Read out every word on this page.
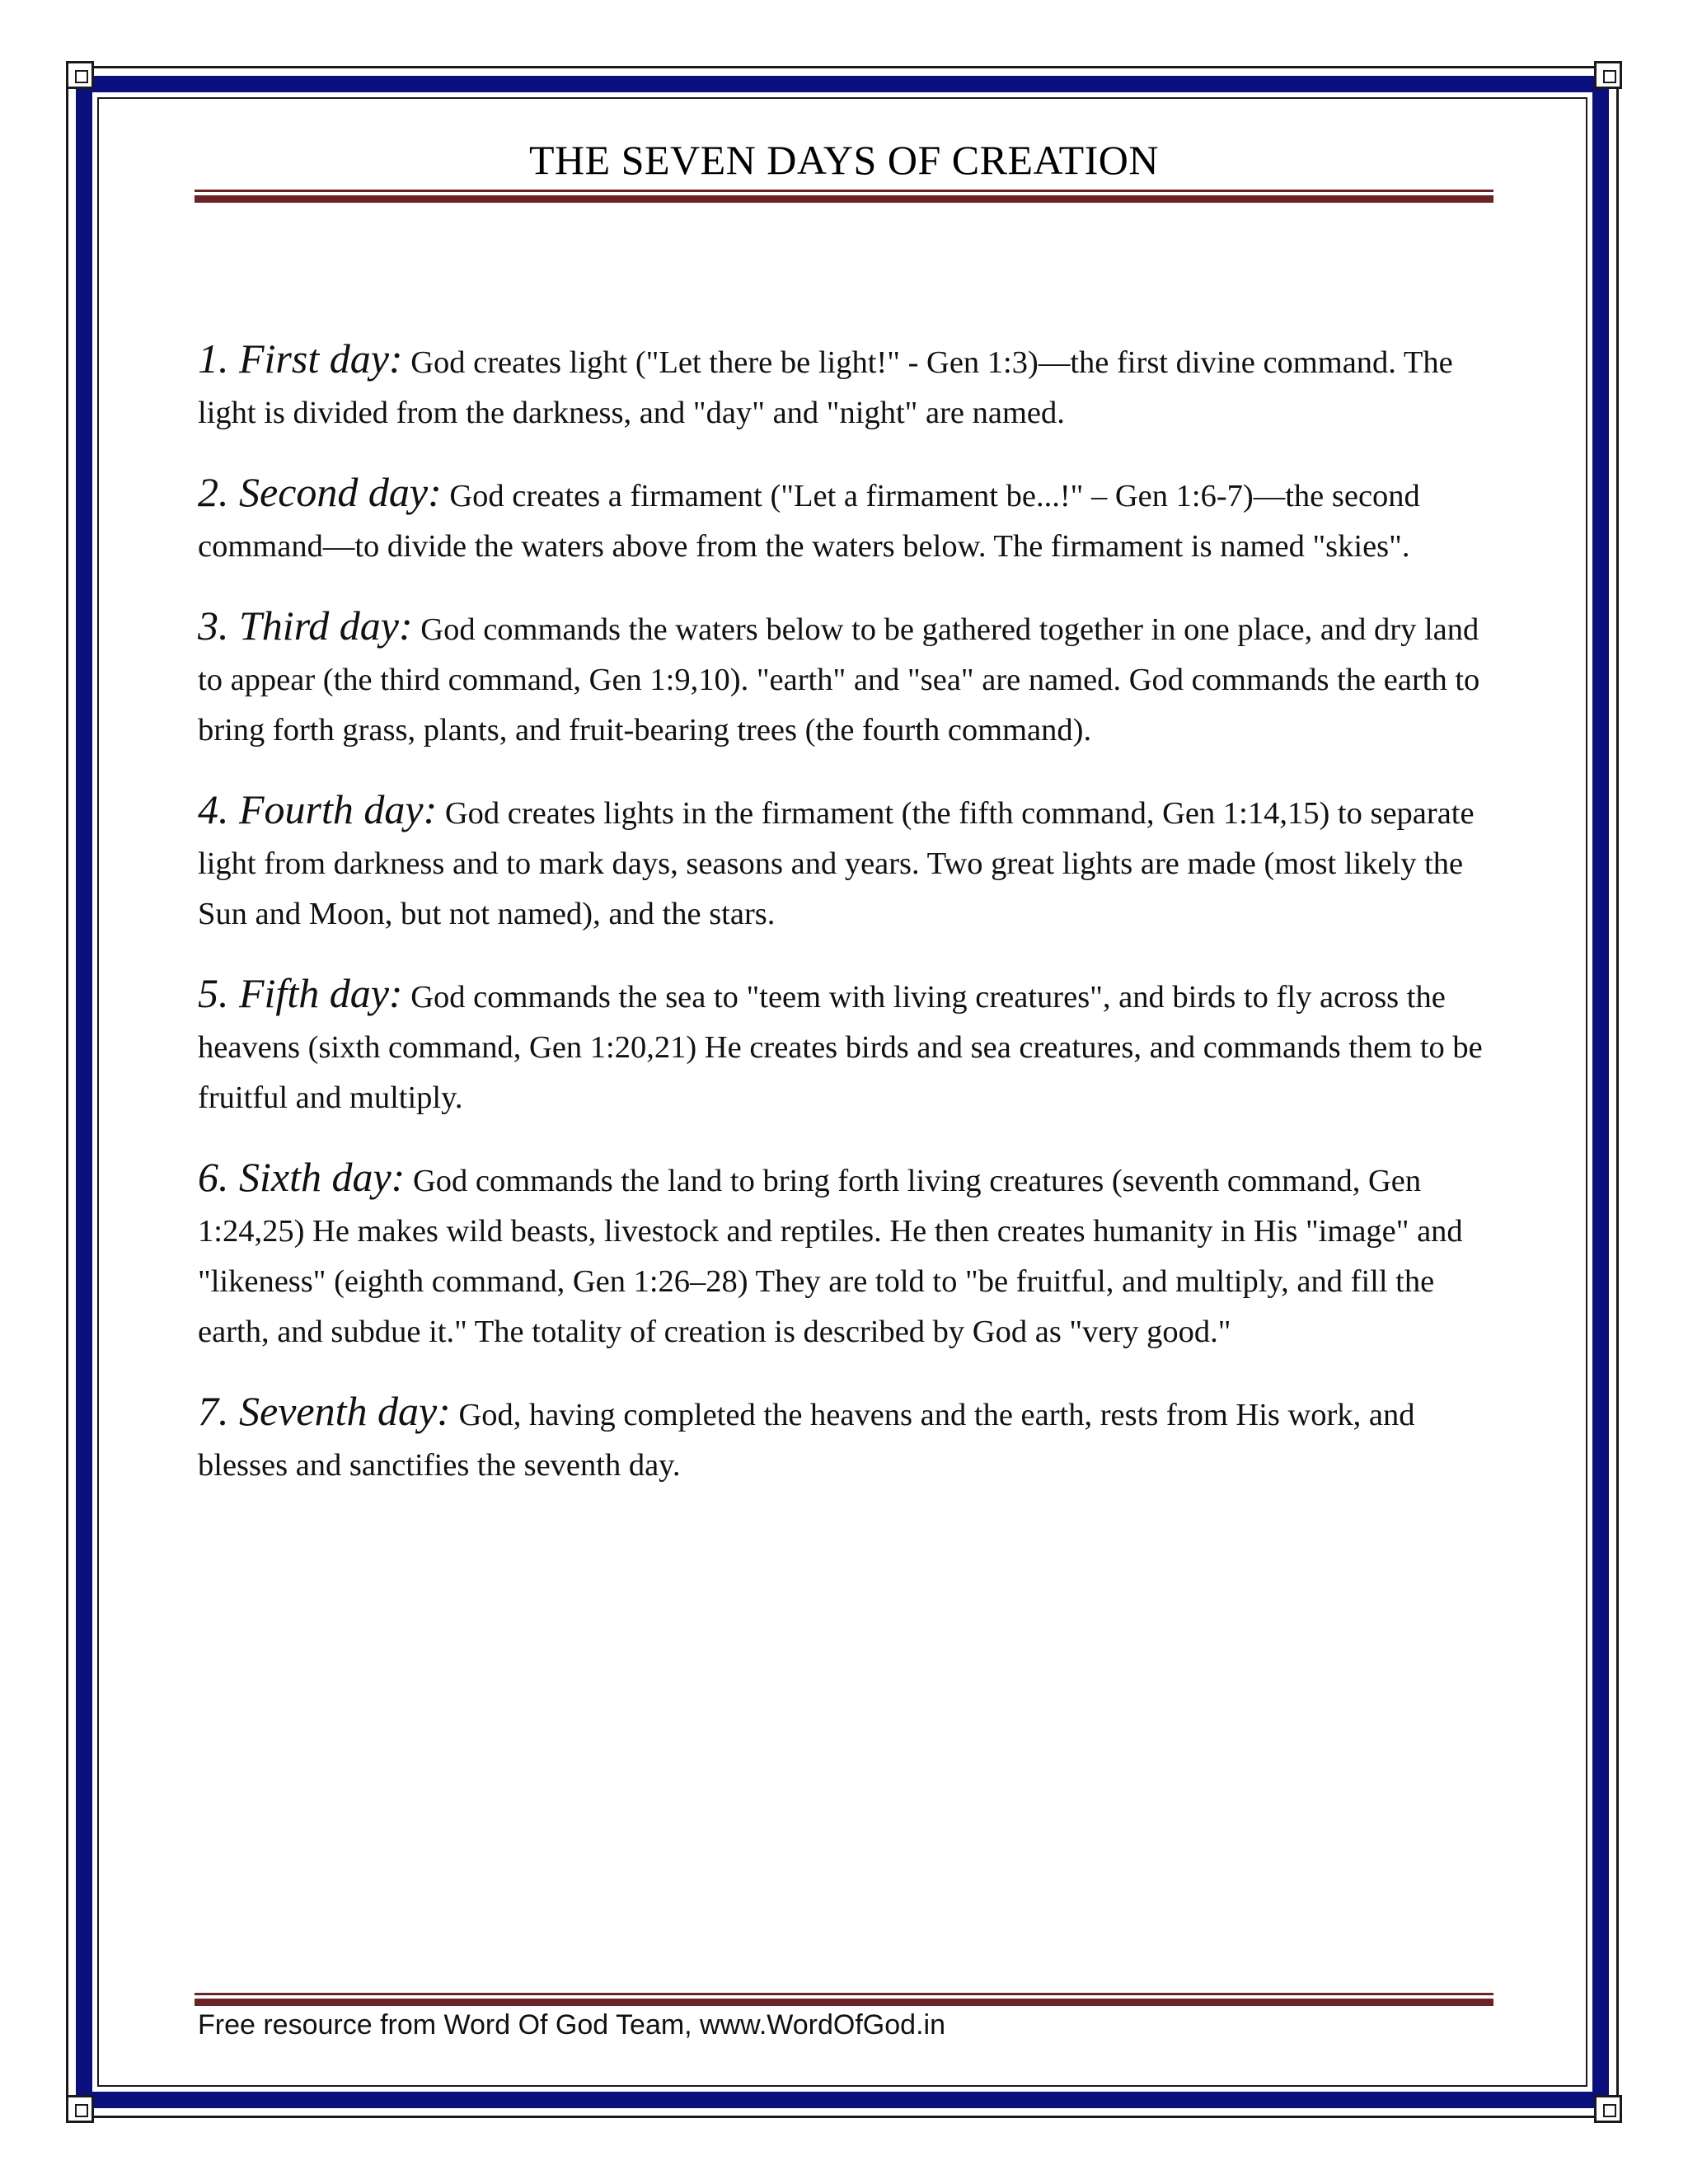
THE SEVEN DAYS OF CREATION

1. First day: God creates light ("Let there be light!" - Gen 1:3)—the first divine command. The light is divided from the darkness, and "day" and "night" are named.

2. Second day: God creates a firmament ("Let a firmament be...!" – Gen 1:6-7)—the second command—to divide the waters above from the waters below. The firmament is named "skies".

3. Third day: God commands the waters below to be gathered together in one place, and dry land to appear (the third command, Gen 1:9,10). "earth" and "sea" are named. God commands the earth to bring forth grass, plants, and fruit-bearing trees (the fourth command).

4. Fourth day: God creates lights in the firmament (the fifth command, Gen 1:14,15) to separate light from darkness and to mark days, seasons and years. Two great lights are made (most likely the Sun and Moon, but not named), and the stars.

5. Fifth day: God commands the sea to "teem with living creatures", and birds to fly across the heavens (sixth command, Gen 1:20,21) He creates birds and sea creatures, and commands them to be fruitful and multiply.

6. Sixth day: God commands the land to bring forth living creatures (seventh command, Gen 1:24,25) He makes wild beasts, livestock and reptiles. He then creates humanity in His "image" and "likeness" (eighth command, Gen 1:26–28) They are told to "be fruitful, and multiply, and fill the earth, and subdue it." The totality of creation is described by God as "very good."

7. Seventh day: God, having completed the heavens and the earth, rests from His work, and blesses and sanctifies the seventh day.

Free resource from Word Of God Team, www.WordOfGod.in
